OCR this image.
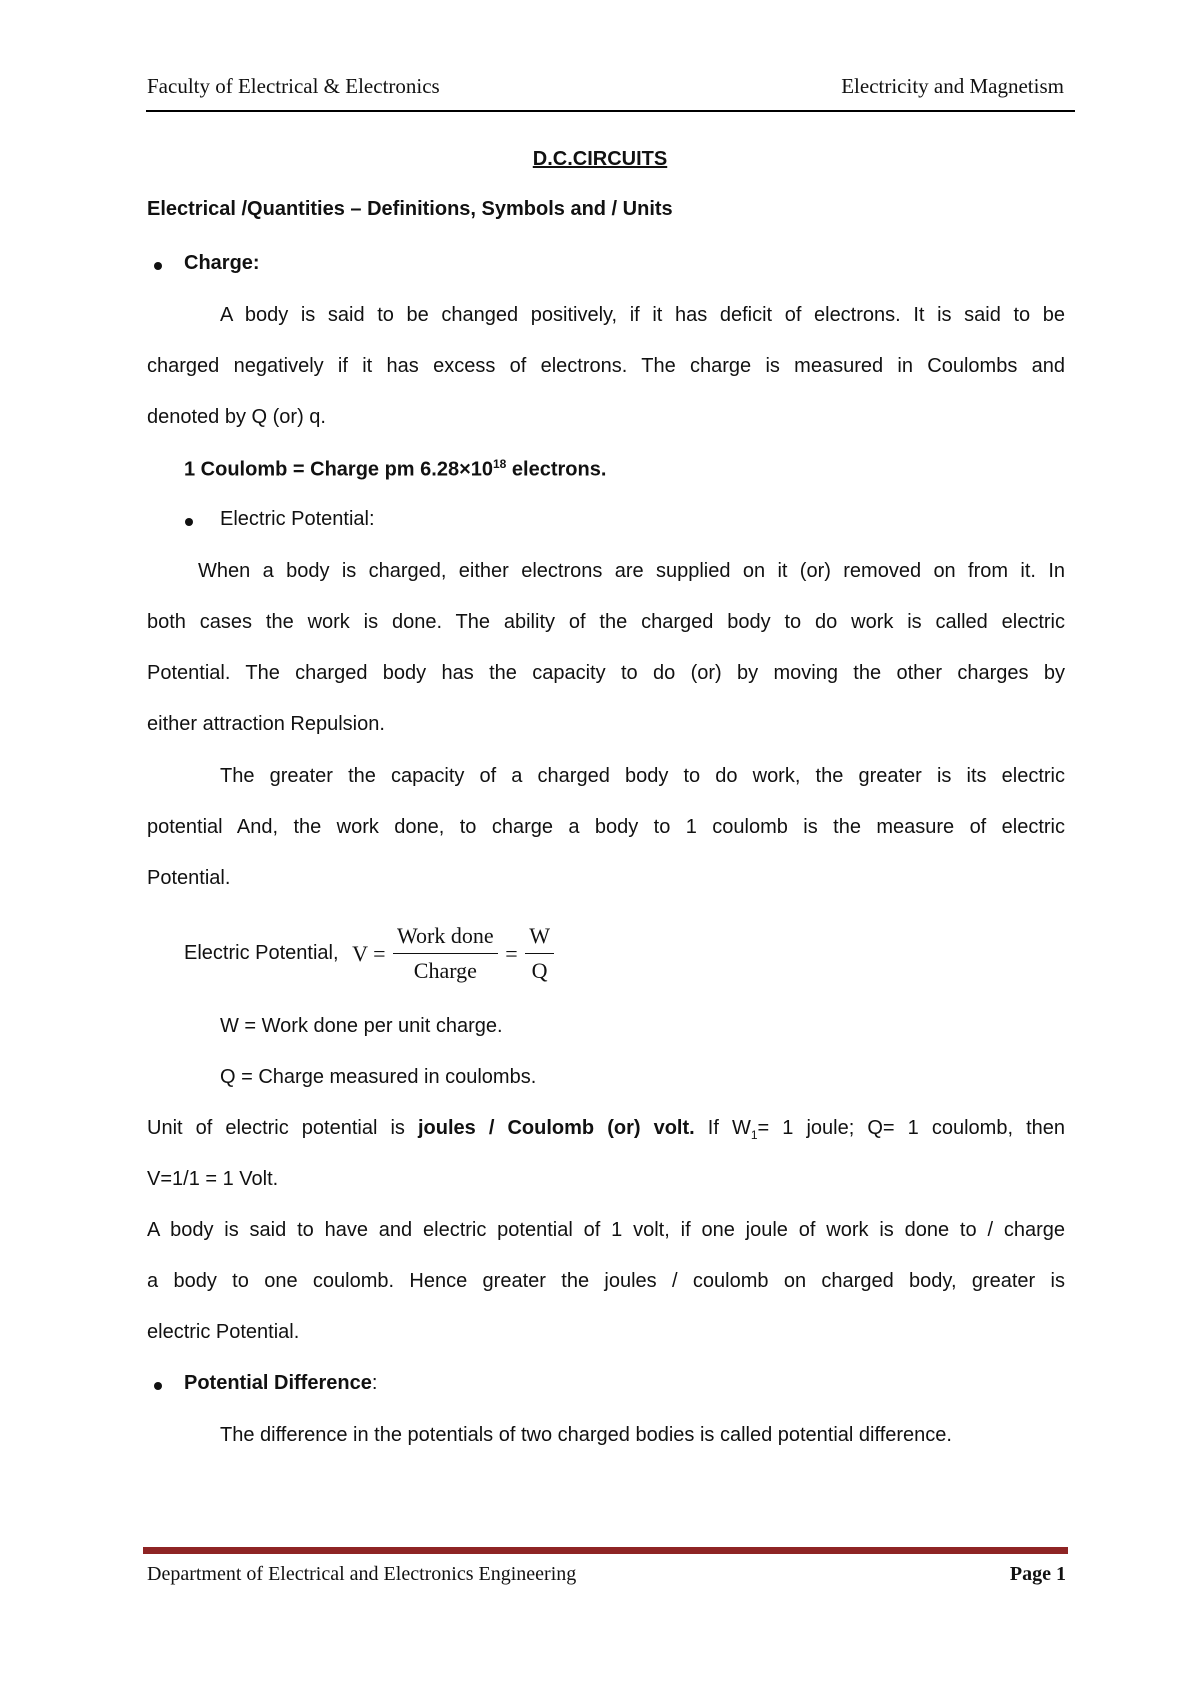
Faculty of Electrical & Electronics	Electricity and Magnetism
D.C.CIRCUITS
Electrical /Quantities – Definitions, Symbols and / Units
Charge:
A body is said to be changed positively, if it has deficit of electrons. It is said to be
charged negatively if it has excess of electrons. The charge is measured in Coulombs and
denoted by Q (or) q.
1 Coulomb = Charge pm $6.28\times 10^{18}$ electrons.
Electric Potential:
When a body is charged, either electrons are supplied on it (or) removed on from it. In
both cases the work is done. The ability of the charged body to do work is called electric
Potential. The charged body has the capacity to do (or) by moving the other charges by
either attraction Repulsion.
The greater the capacity of a charged body to do work, the greater is its electric
potential And, the work done, to charge a body to 1 coulomb is the measure of electric
Potential.
Electric Potential, $V = \frac{\text{Work done}}{\text{Charge}} = \frac{W}{Q}$
W = Work done per unit charge.
Q = Charge measured in coulombs.
Unit of electric potential is joules / Coulomb (or) volt. If $W_1= 1$ joule; Q= 1 coulomb, then
V=1/1 = 1 Volt.
A body is said to have and electric potential of 1 volt, if one joule of work is done to / charge
a body to one coulomb. Hence greater the joules / coulomb on charged body, greater is
electric Potential.
Potential Difference:
The difference in the potentials of two charged bodies is called potential difference.
Department of Electrical and Electronics Engineering	Page 1
